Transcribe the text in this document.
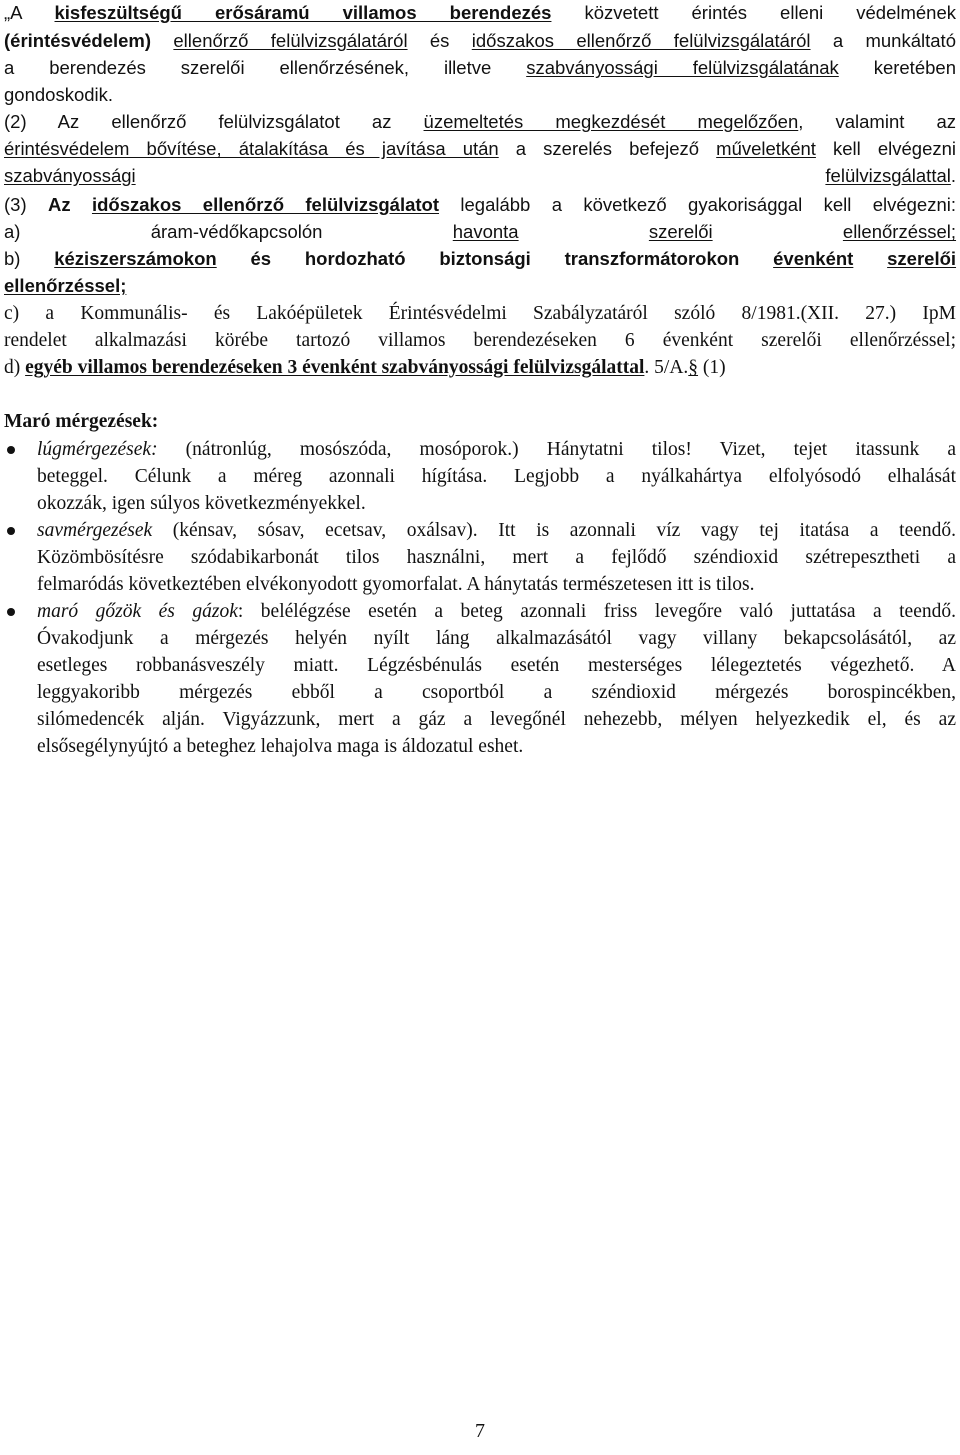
„A kisfeszültségű erősáramú villamos berendezés közvetett érintés elleni védelmének
(érintésvédelem) ellenőrző felülvizsgálatáról és időszakos ellenőrző felülvizsgálatáról a munkáltató
a berendezés szerelői ellenőrzésének, illetve szabványossági felülvizsgálatának keretében
gondoskodik.
(2) Az ellenőrző felülvizsgálatot az üzemeltetés megkezdését megelőzően, valamint az
érintésvédelem bővítése, átalakítása és javítása után a szerelés befejező műveletként kell elvégezni
szabványossági	felülvizsgálattal.
(3) Az időszakos ellenőrző felülvizsgálatot legalább a következő gyakorisággal kell elvégezni:
a)	áram-védőkapcsolón	havonta	szerelői	ellenőrzéssel;
b) kéziszerszámokon és hordozható biztonsági transzformátorokon évenként szerelői
ellenőrzéssel;
c) a Kommunális- és Lakóépületek Érintésvédelmi Szabályzatáról szóló 8/1981.(XII. 27.) IpM
rendelet alkalmazási körébe tartozó villamos berendezéseken 6 évenként szerelői ellenőrzéssel;
d) egyéb villamos berendezéseken 3 évenként szabványossági felülvizsgálattal. 5/A.§ (1)
Maró mérgezések:
lúgmérgezések: (nátronlúg, mosószóda, mosóporok.) Hánytatni tilos! Vizet, tejet itassunk a
beteggel. Célunk a méreg azonnali hígítása. Legjobb a nyálkahártya elfolyósodó elhalását
okozzák, igen súlyos következményekkel.
savmérgezések (kénsav, sósav, ecetsav, oxálsav). Itt is azonnali víz vagy tej itatása a teendő.
Közömbösítésre szódabikarbonát tilos használni, mert a fejlődő széndioxid szétrepesztheti a
felmaródás következtében elvékonyodott gyomorfalat. A hánytatás természetesen itt is tilos.
maró gőzök és gázok: belélégzése esetén a beteg azonnali friss levegőre való juttatása a teendő.
Óvakodjunk a mérgezés helyén nyílt láng alkalmazásától vagy villany bekapcsolásától, az
esetleges robbanásveszély miatt. Légzésbénulás esetén mesterséges lélegeztetés végezhető. A
leggyakoribb mérgezés ebből a csoportból a széndioxid mérgezés borospincékben,
silómedencék alján. Vigyázzunk, mert a gáz a levegőnél nehezebb, mélyen helyezkedik el, és az
elsősegélynyújtó a beteghez lehajolva maga is áldozatul eshet.
7
